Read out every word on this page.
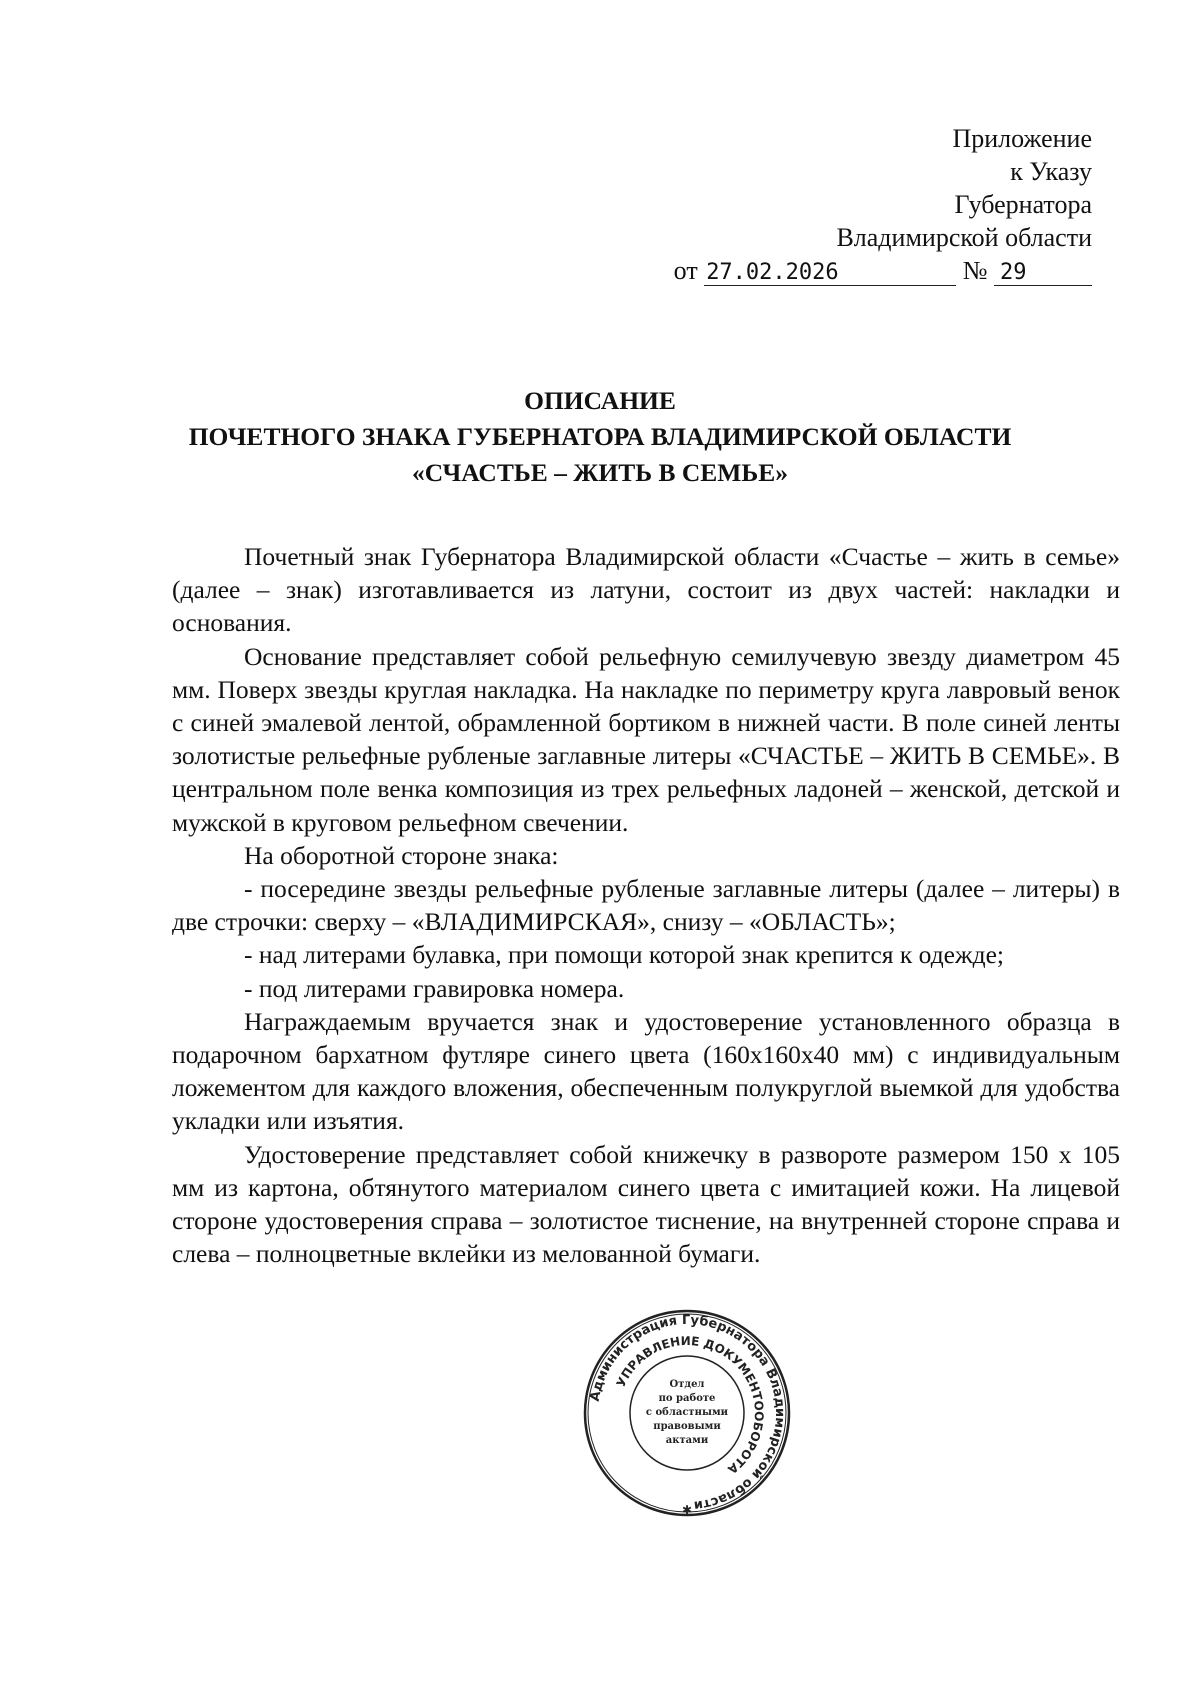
Приложение
к Указу
Губернатора
Владимирской области
от 27.02.2026	№ 29
ОПИСАНИЕ
ПОЧЕТНОГО ЗНАКА ГУБЕРНАТОРА ВЛАДИМИРСКОЙ ОБЛАСТИ
«СЧАСТЬЕ – ЖИТЬ В СЕМЬЕ»

Почетный знак Губернатора Владимирской области «Счастье – жить в семье» (далее – знак) изготавливается из латуни, состоит из двух частей: накладки и основания.

Основание представляет собой рельефную семилучевую звезду диаметром 45 мм. Поверх звезды круглая накладка. На накладке по периметру круга лавровый венок с синей эмалевой лентой, обрамленной бортиком в нижней части. В поле синей ленты золотистые рельефные рубленые заглавные литеры «СЧАСТЬЕ – ЖИТЬ В СЕМЬЕ». В центральном поле венка композиция из трех рельефных ладоней – женской, детской и мужской в круговом рельефном свечении.

На оборотной стороне знака:

- посередине звезды рельефные рубленые заглавные литеры (далее – литеры) в две строчки: сверху – «ВЛАДИМИРСКАЯ», снизу – «ОБЛАСТЬ»;

- над литерами булавка, при помощи которой знак крепится к одежде;

- под литерами гравировка номера.

Награждаемым вручается знак и удостоверение установленного образца в подарочном бархатном футляре синего цвета (160x160x40 мм) с индивидуальным ложементом для каждого вложения, обеспеченным полукруглой выемкой для удобства укладки или изъятия.

Удостоверение представляет собой книжечку в развороте размером 150 x 105 мм из картона, обтянутого материалом синего цвета с имитацией кожи. На лицевой стороне удостоверения справа – золотистое тиснение, на внутренней стороне справа и слева – полноцветные вклейки из мелованной бумаги.

Администрация Губернатора Владимирской области
УПРАВЛЕНИЕ ДОКУМЕНТООБОРОТА
✱
Отдел
по работе
с областными
правовыми
актами
